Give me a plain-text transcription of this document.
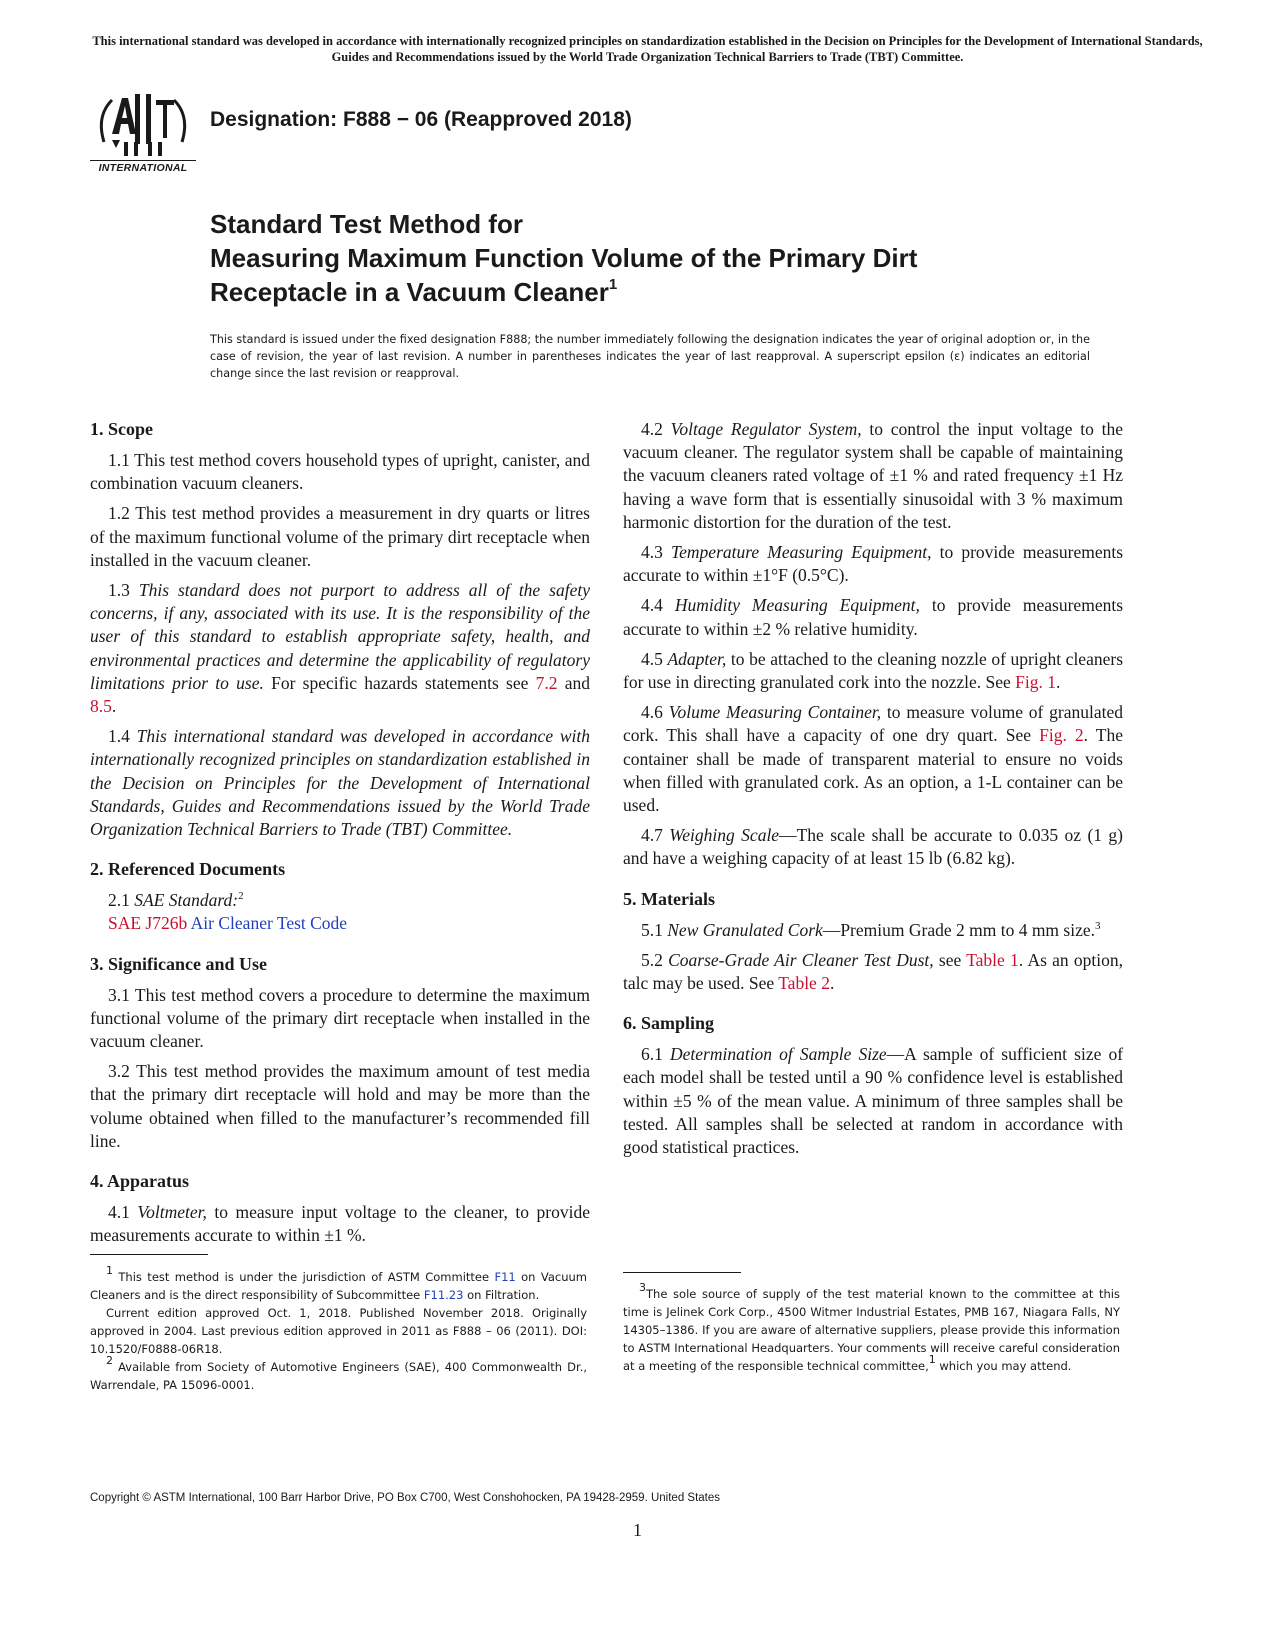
This international standard was developed in accordance with internationally recognized principles on standardization established in the Decision on Principles for the Development of International Standards, Guides and Recommendations issued by the World Trade Organization Technical Barriers to Trade (TBT) Committee.
INTERNATIONAL
Designation: F888 − 06 (Reapproved 2018)
Standard Test Method for
Measuring Maximum Function Volume of the Primary Dirt
Receptacle in a Vacuum Cleaner$^1$
This standard is issued under the fixed designation F888; the number immediately following the designation indicates the year of original adoption or, in the case of revision, the year of last revision. A number in parentheses indicates the year of last reapproval. A superscript epsilon (ε) indicates an editorial change since the last revision or reapproval.
1. Scope

1.1 This test method covers household types of upright, canister, and combination vacuum cleaners.

1.2 This test method provides a measurement in dry quarts or litres of the maximum functional volume of the primary dirt receptacle when installed in the vacuum cleaner.

1.3 This standard does not purport to address all of the safety concerns, if any, associated with its use. It is the responsibility of the user of this standard to establish appropriate safety, health, and environmental practices and determine the applicability of regulatory limitations prior to use. For specific hazards statements see 7.2 and 8.5.

1.4 This international standard was developed in accordance with internationally recognized principles on standardization established in the Decision on Principles for the Development of International Standards, Guides and Recommendations issued by the World Trade Organization Technical Barriers to Trade (TBT) Committee.

2. Referenced Documents

2.1 SAE Standard:$^2$

SAE J726b Air Cleaner Test Code

3. Significance and Use

3.1 This test method covers a procedure to determine the maximum functional volume of the primary dirt receptacle when installed in the vacuum cleaner.

3.2 This test method provides the maximum amount of test media that the primary dirt receptacle will hold and may be more than the volume obtained when filled to the manufacturer’s recommended fill line.

4. Apparatus

4.1 Voltmeter, to measure input voltage to the cleaner, to provide measurements accurate to within ±1 %.

4.2 Voltage Regulator System, to control the input voltage to the vacuum cleaner. The regulator system shall be capable of maintaining the vacuum cleaners rated voltage of ±1 % and rated frequency ±1 Hz having a wave form that is essentially sinusoidal with 3 % maximum harmonic distortion for the duration of the test.

4.3 Temperature Measuring Equipment, to provide measurements accurate to within ±1°F (0.5°C).

4.4 Humidity Measuring Equipment, to provide measurements accurate to within ±2 % relative humidity.

4.5 Adapter, to be attached to the cleaning nozzle of upright cleaners for use in directing granulated cork into the nozzle. See Fig. 1.

4.6 Volume Measuring Container, to measure volume of granulated cork. This shall have a capacity of one dry quart. See Fig. 2. The container shall be made of transparent material to ensure no voids when filled with granulated cork. As an option, a 1-L container can be used.

4.7 Weighing Scale—The scale shall be accurate to 0.035 oz (1 g) and have a weighing capacity of at least 15 lb (6.82 kg).

5. Materials

5.1 New Granulated Cork—Premium Grade 2 mm to 4 mm size.$^3$

5.2 Coarse-Grade Air Cleaner Test Dust, see Table 1. As an option, talc may be used. See Table 2.

6. Sampling

6.1 Determination of Sample Size—A sample of sufficient size of each model shall be tested until a 90 % confidence level is established within ±5 % of the mean value. A minimum of three samples shall be tested. All samples shall be selected at random in accordance with good statistical practices.

$^1$ This test method is under the jurisdiction of ASTM Committee F11 on Vacuum Cleaners and is the direct responsibility of Subcommittee F11.23 on Filtration.

Current edition approved Oct. 1, 2018. Published November 2018. Originally approved in 2004. Last previous edition approved in 2011 as F888 – 06 (2011). DOI: 10.1520/F0888-06R18.

$^2$ Available from Society of Automotive Engineers (SAE), 400 Commonwealth Dr., Warrendale, PA 15096-0001.

$^3$The sole source of supply of the test material known to the committee at this time is Jelinek Cork Corp., 4500 Witmer Industrial Estates, PMB 167, Niagara Falls, NY 14305–1386. If you are aware of alternative suppliers, please provide this information to ASTM International Headquarters. Your comments will receive careful consideration at a meeting of the responsible technical committee,$^1$ which you may attend.

Copyright © ASTM International, 100 Barr Harbor Drive, PO Box C700, West Conshohocken, PA 19428-2959. United States
1
